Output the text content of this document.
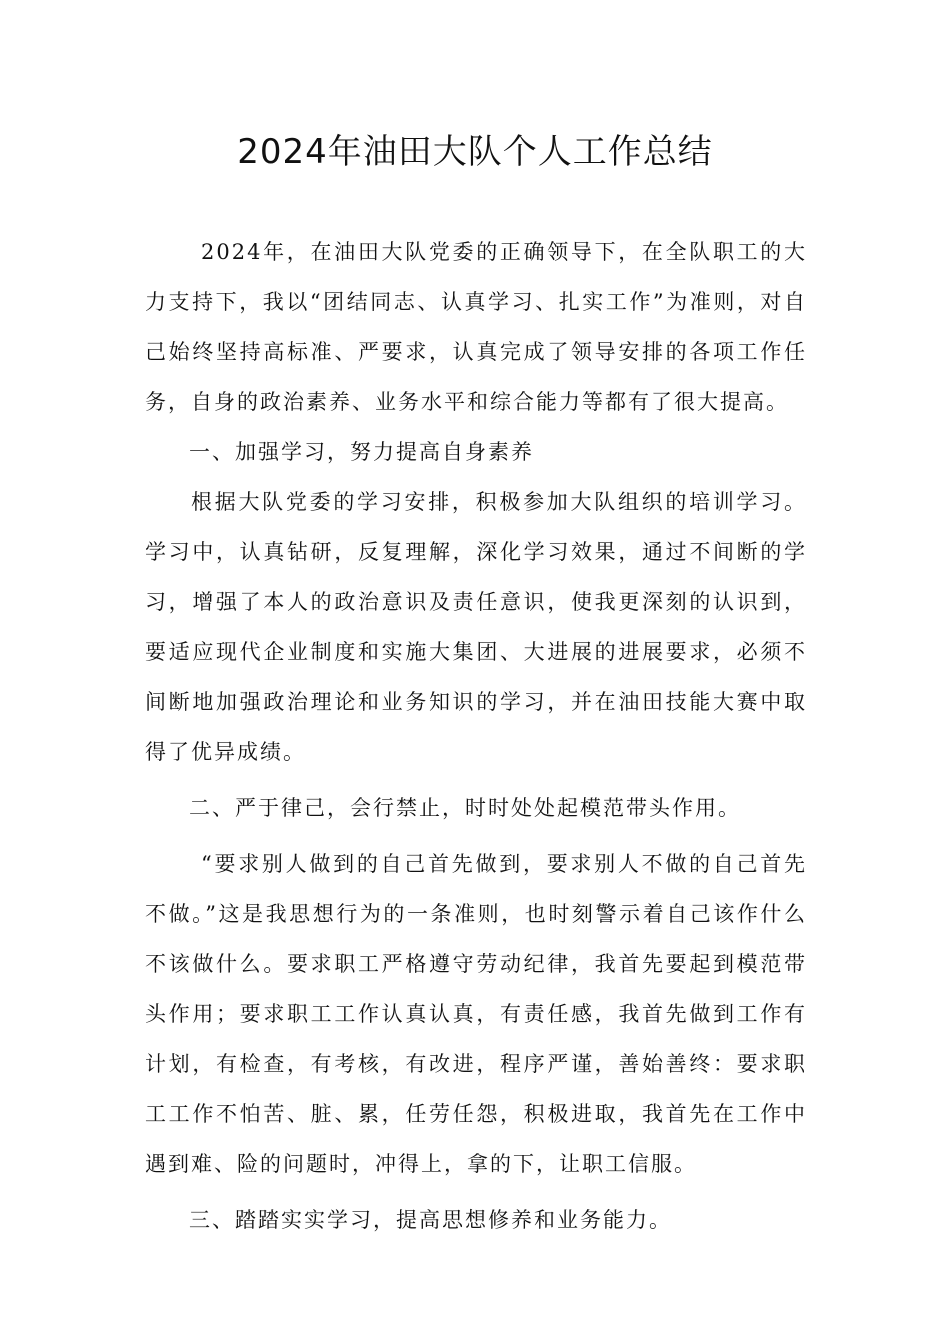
2024年油田大队个人工作总结

2024年，在油田大队党委的正确领导下，在全队职工的大力支持下，我以“团结同志、认真学习、扎实工作”为准则，对自己始终坚持高标准、严要求，认真完成了领导安排的各项工作任务，自身的政治素养、业务水平和综合能力等都有了很大提高。

一、加强学习，努力提高自身素养

根据大队党委的学习安排，积极参加大队组织的培训学习。学习中，认真钻研，反复理解，深化学习效果，通过不间断的学习，增强了本人的政治意识及责任意识，使我更深刻的认识到，要适应现代企业制度和实施大集团、大进展的进展要求，必须不间断地加强政治理论和业务知识的学习，并在油田技能大赛中取得了优异成绩。

二、严于律己，会行禁止，时时处处起模范带头作用。

“要求别人做到的自己首先做到，要求别人不做的自己首先不做。”这是我思想行为的一条准则，也时刻警示着自己该作什么不该做什么。要求职工严格遵守劳动纪律，我首先要起到模范带头作用；要求职工工作认真认真，有责任感，我首先做到工作有计划，有检查，有考核，有改进，程序严谨，善始善终：要求职工工作不怕苦、脏、累，任劳任怨，积极进取，我首先在工作中遇到难、险的问题时，冲得上，拿的下，让职工信服。

三、踏踏实实学习，提高思想修养和业务能力。
